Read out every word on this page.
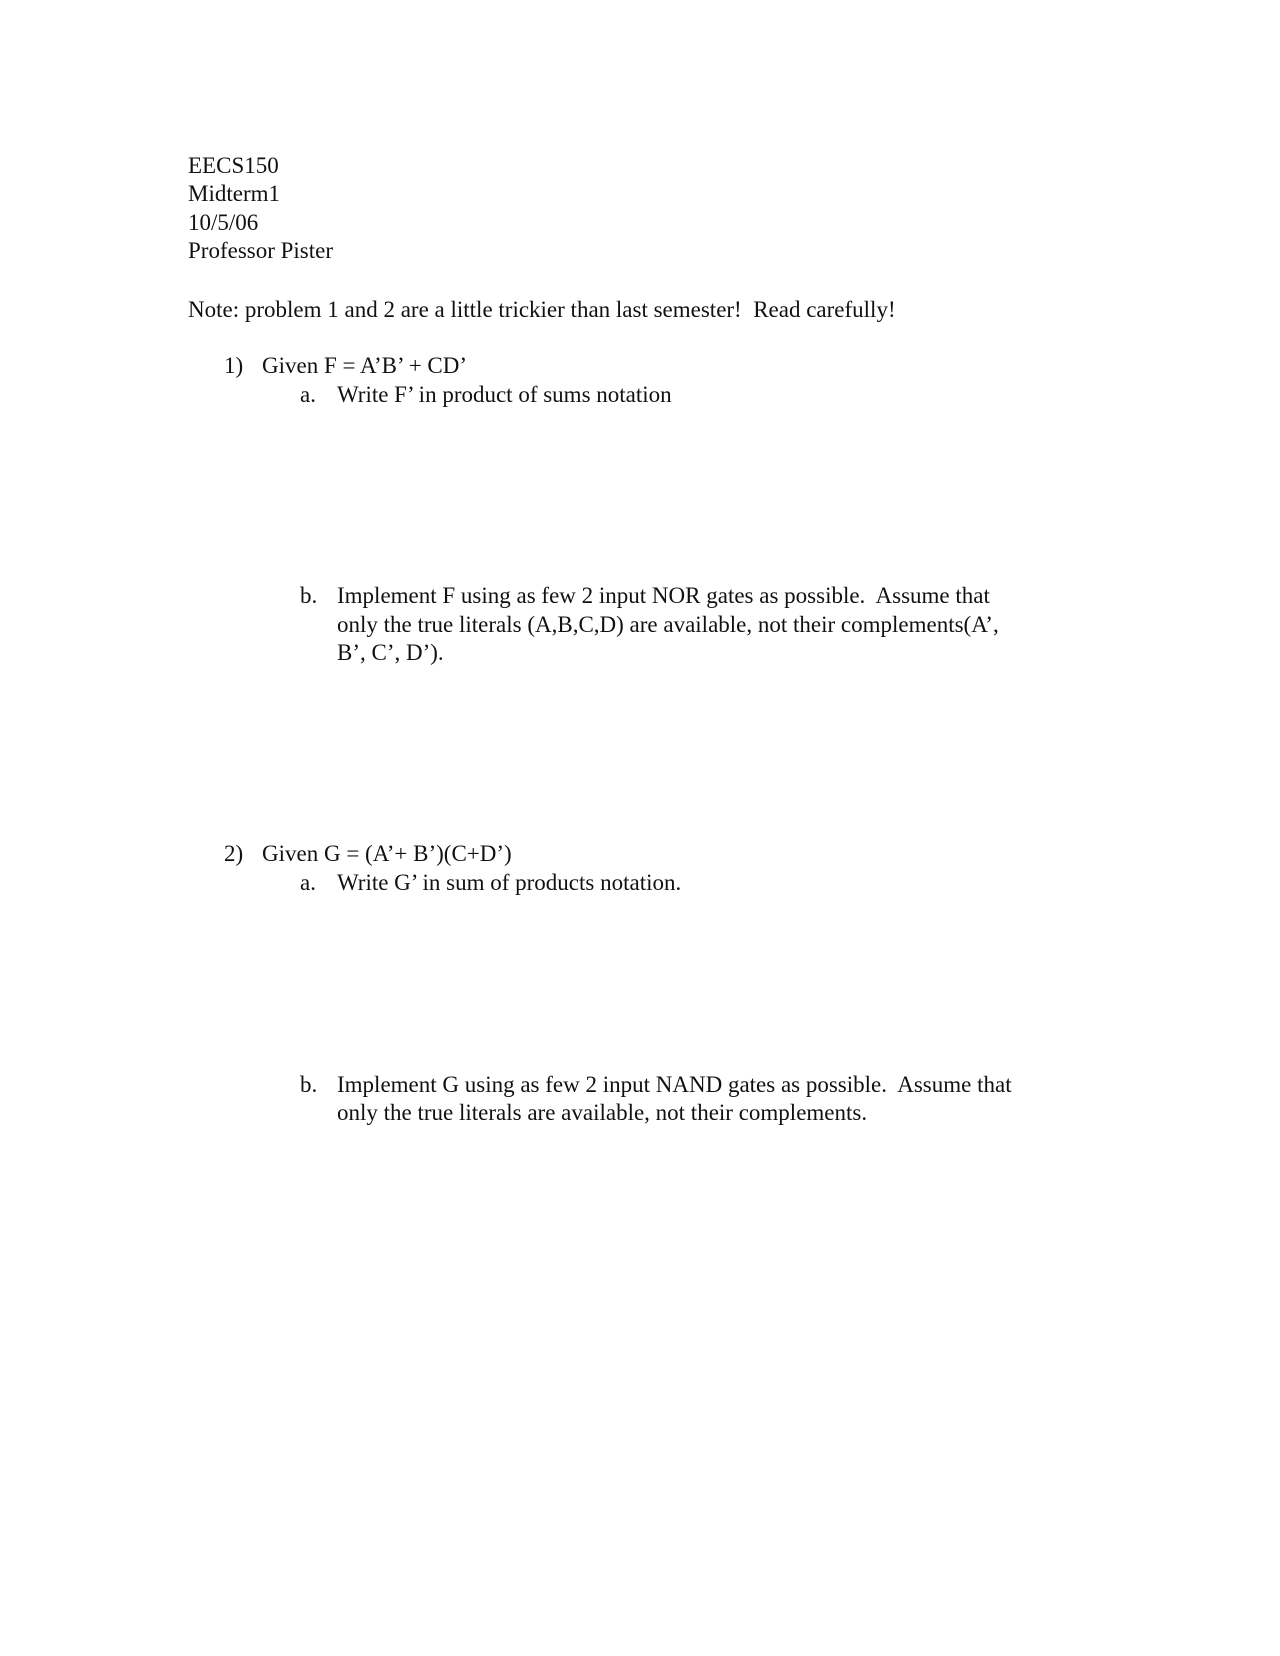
EECS150
Midterm1
10/5/06
Professor Pister
Note: problem 1 and 2 are a little trickier than last semester!  Read carefully!
1) Given F = A’B’ + CD’
a. Write F’ in product of sums notation
b. Implement F using as few 2 input NOR gates as possible.  Assume that
only the true literals (A,B,C,D) are available, not their complements(A’,
B’, C’, D’).
2) Given G = (A’+ B’)(C+D’)
a. Write G’ in sum of products notation.
b. Implement G using as few 2 input NAND gates as possible.  Assume that
only the true literals are available, not their complements.
